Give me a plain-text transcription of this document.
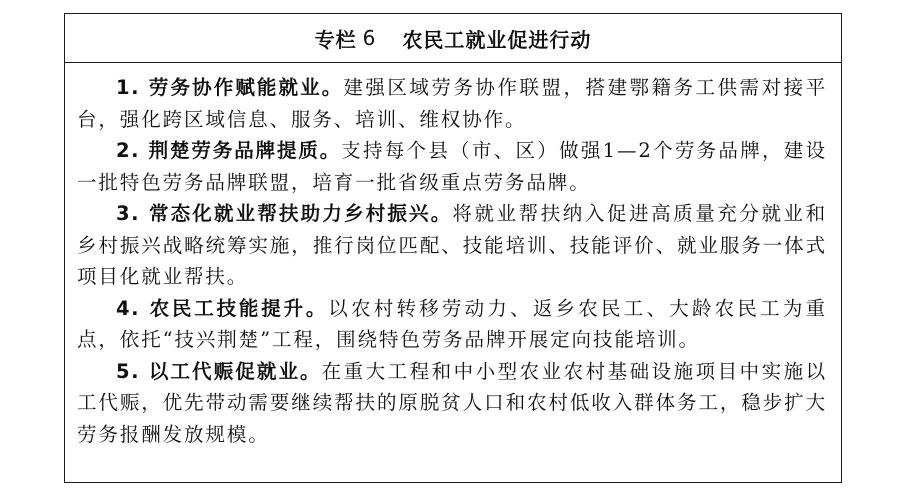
专栏 6 农民工就业促进行动

1. 劳务协作赋能就业。建强区域劳务协作联盟，搭建鄂籍务工供需对接平台，强化跨区域信息、服务、培训、维权协作。

2. 荆楚劳务品牌提质。支持每个县（市、区）做强1—2个劳务品牌，建设一批特色劳务品牌联盟，培育一批省级重点劳务品牌。

3. 常态化就业帮扶助力乡村振兴。将就业帮扶纳入促进高质量充分就业和乡村振兴战略统筹实施，推行岗位匹配、技能培训、技能评价、就业服务一体式项目化就业帮扶。

4. 农民工技能提升。以农村转移劳动力、返乡农民工、大龄农民工为重点，依托“技兴荆楚”工程，围绕特色劳务品牌开展定向技能培训。

5. 以工代赈促就业。在重大工程和中小型农业农村基础设施项目中实施以工代赈，优先带动需要继续帮扶的原脱贫人口和农村低收入群体务工，稳步扩大劳务报酬发放规模。
